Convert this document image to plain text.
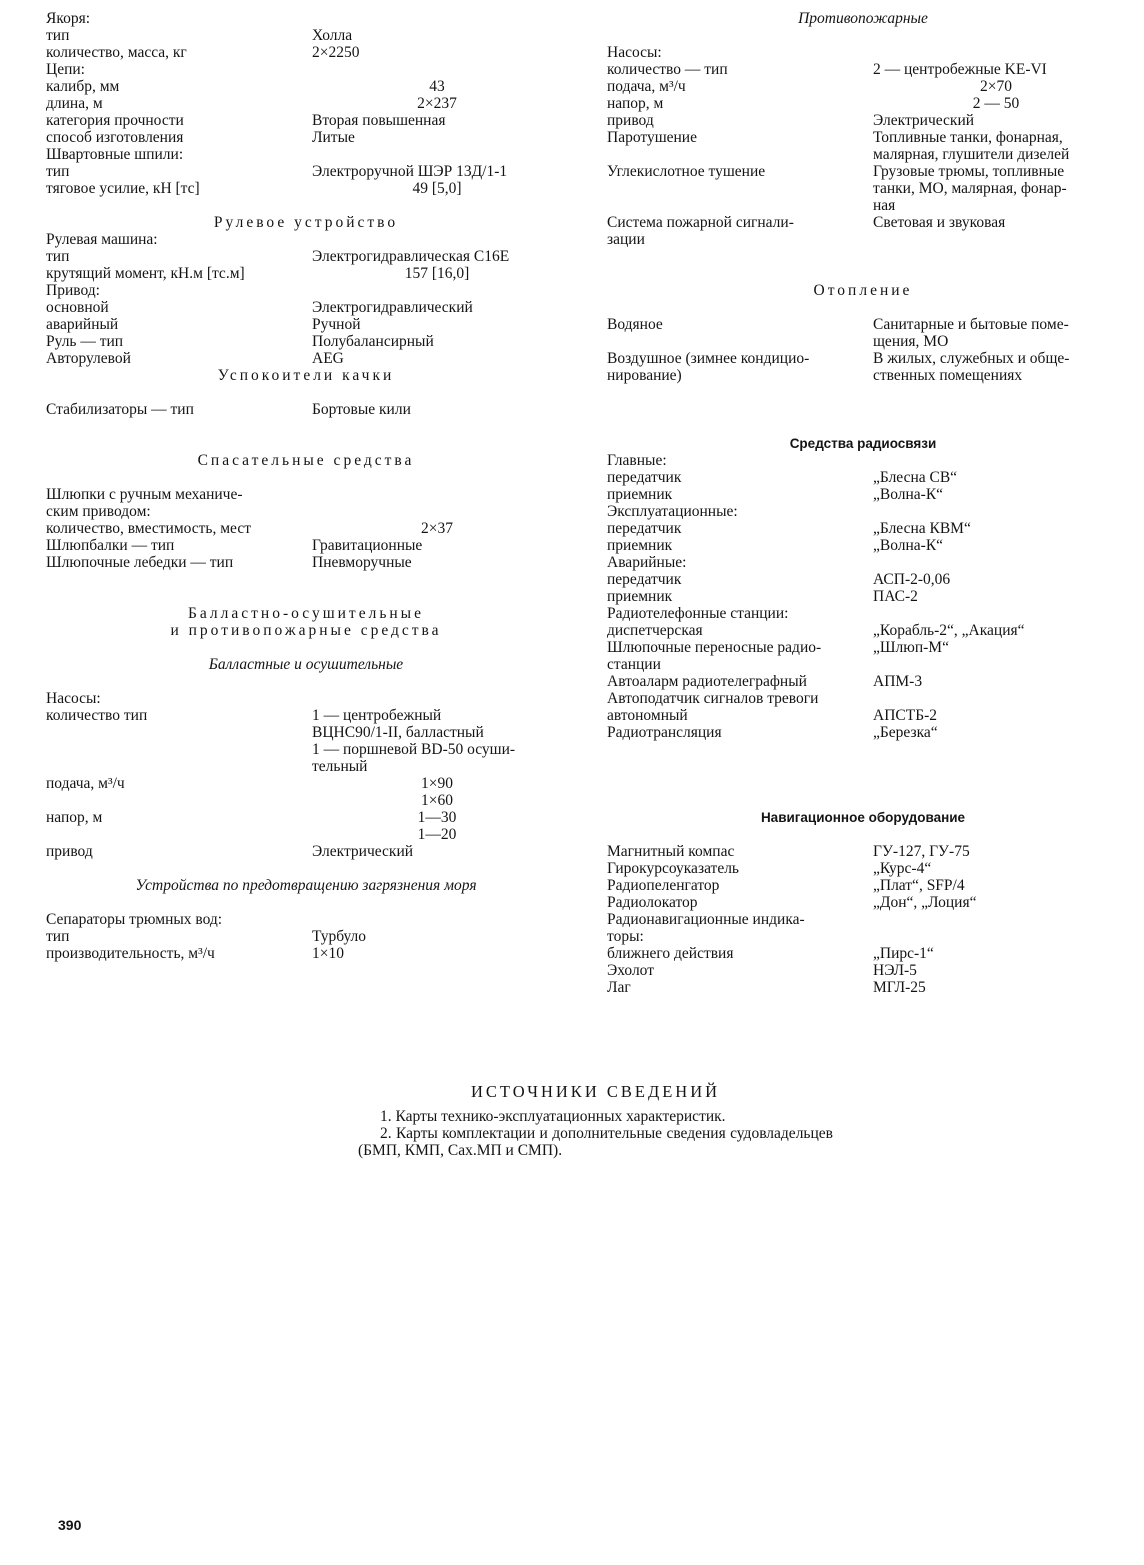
Якоря:
тип	Холла
количество, масса, кг	2×2250
Цепи:
калибр, мм	43
длина, м	2×237
категория прочности	Вторая повышенная
способ изготовления	Литые
Швартовные шпили:
тип	Электроручной ШЭР 13Д/1-1
тяговое усилие, кН [тс]	49 [5,0]
Рулевое устройство
Рулевая машина:
тип	Электрогидравлическая C16E
крутящий момент, кН.м [тс.м]	157 [16,0]
Привод:
основной	Электрогидравлический
аварийный	Ручной
Руль — тип	Полубалансирный
Авторулевой	AEG
Успокоители качки
Стабилизаторы — тип	Бортовые кили
Спасательные средства
Шлюпки с ручным механиче-
ским приводом:
количество, вместимость, мест	2×37
Шлюпбалки — тип	Гравитационные
Шлюпочные лебедки — тип	Пневморучные
Балластно-осушительные
и противопожарные средства
Балластные и осушительные
Насосы:
количество тип	1 — центробежный

ВЦНС90/1-II, балластный

1 — поршневой BD-50 осуши-

тельный
подача, м³/ч	1×90

1×60
напор, м	1—30

1—20
привод	Электрический
Устройства по предотвращению загрязнения моря
Сепараторы трюмных вод:
тип	Турбуло
производительность, м³/ч	1×10
Противопожарные
Насосы:
количество — тип	2 — центробежные KE-VI
подача, м³/ч	2×70
напор, м	2 — 50
привод	Электрический
Паротушение	Топливные танки, фонарная,

малярная, глушители дизелей
Углекислотное тушение	Грузовые трюмы, топливные

танки, МО, малярная, фонар-

ная
Система пожарной сигнали-	Световая и звуковая
зации
Отопление
Водяное	Санитарные и бытовые поме-

щения, МО
Воздушное (зимнее кондицио-	В жилых, служебных и обще-
нирование)	ственных помещениях
Средства радиосвязи
Главные:
передатчик	„Блесна СВ“
приемник	„Волна-К“
Эксплуатационные:
передатчик	„Блесна КВМ“
приемник	„Волна-К“
Аварийные:
передатчик	АСП-2-0,06
приемник	ПАС-2
Радиотелефонные станции:
диспетчерская	„Корабль-2“, „Акация“
Шлюпочные переносные радио-	„Шлюп-М“
станции
Автоаларм радиотелеграфный	АПМ-3
Автоподатчик сигналов тревоги
автономный	АПСТБ-2
Радиотрансляция	„Березка“
Навигационное оборудование
Магнитный компас	ГУ-127, ГУ-75
Гирокурсоуказатель	„Курс-4“
Радиопеленгатор	„Плат“, SFP/4
Радиолокатор	„Дон“, „Лоция“
Радионавигационные индика-
торы:
ближнего действия	„Пирс-1“
Эхолот	НЭЛ-5
Лаг	МГЛ-25
ИСТОЧНИКИ СВЕДЕНИЙ

1. Карты технико-эксплуатационных характеристик.

2. Карты комплектации и дополнительные сведения судовладельцев (БМП, КМП, Сах.МП и СМП).

390
